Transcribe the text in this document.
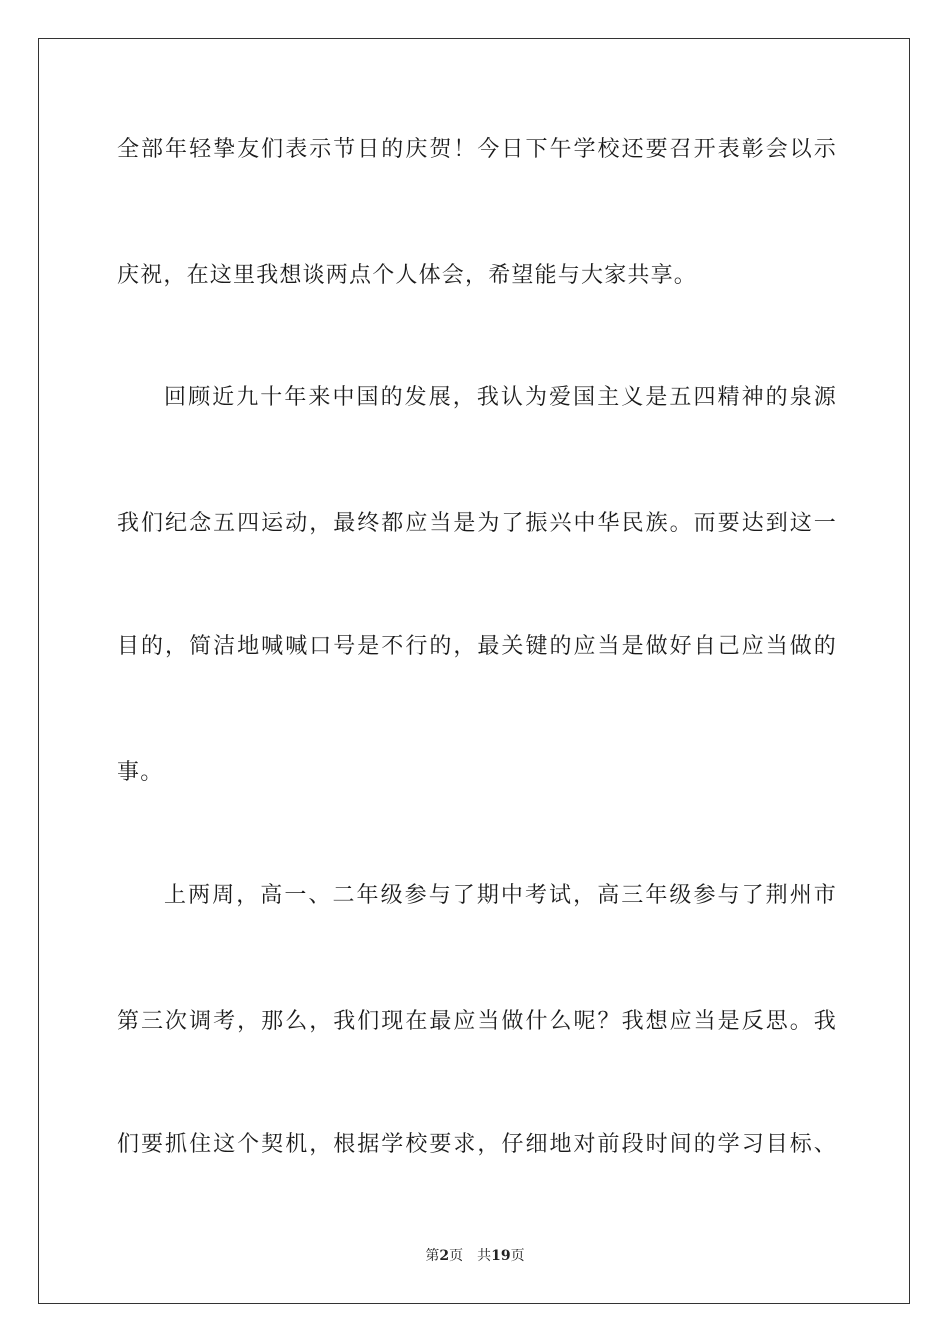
全部年轻挚友们表示节日的庆贺！今日下午学校还要召开表彰会以示
庆祝，在这里我想谈两点个人体会，希望能与大家共享。
回顾近九十年来中国的发展，我认为爱国主义是五四精神的泉源
我们纪念五四运动，最终都应当是为了振兴中华民族。而要达到这一
目的，简洁地喊喊口号是不行的，最关键的应当是做好自己应当做的
事。
上两周，高一、二年级参与了期中考试，高三年级参与了荆州市
第三次调考，那么，我们现在最应当做什么呢？我想应当是反思。我
们要抓住这个契机，根据学校要求，仔细地对前段时间的学习目标、
第2页 共19页
